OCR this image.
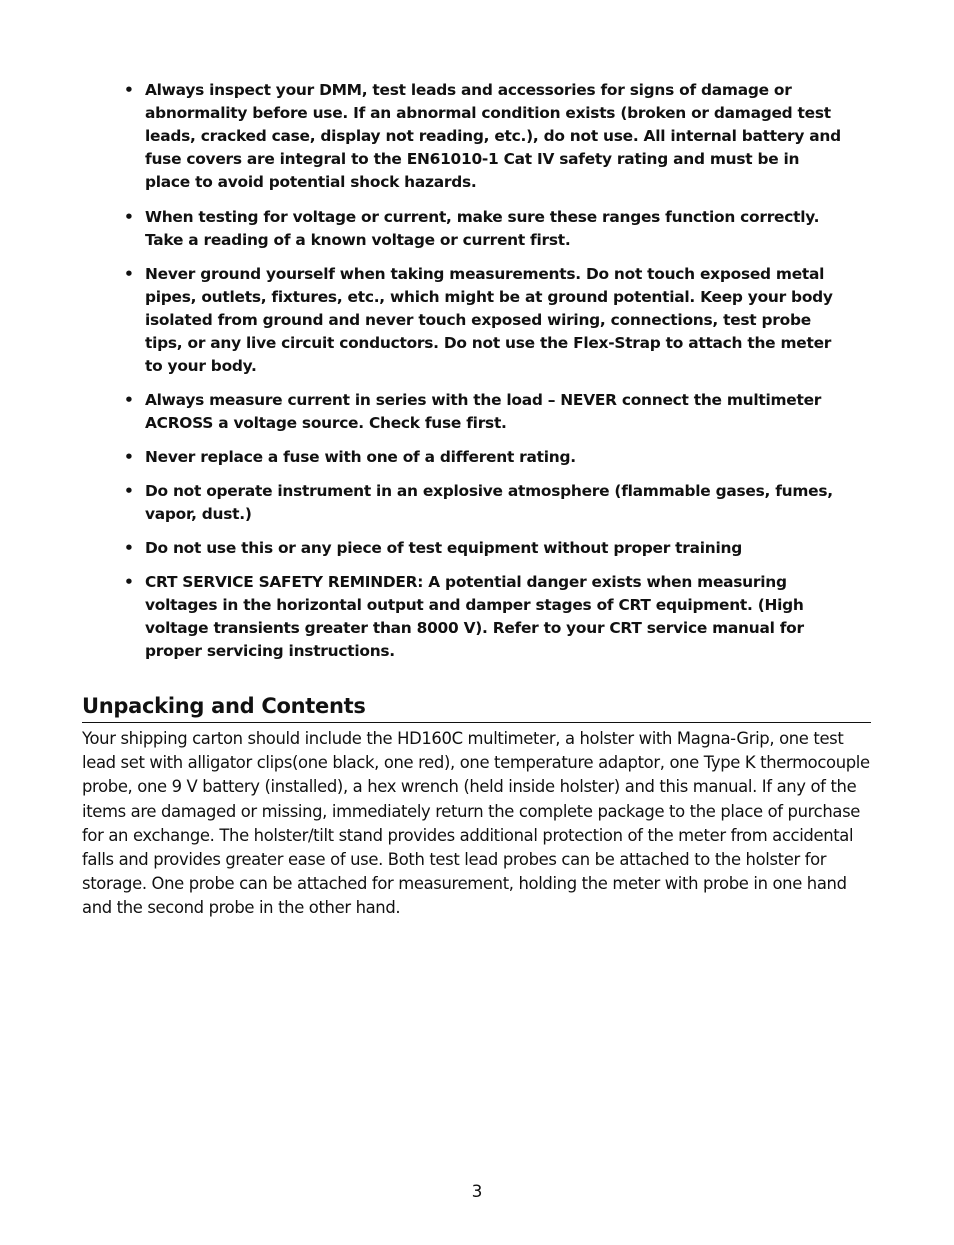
• Always inspect your DMM, test leads and accessories for signs of damage or abnormality before use. If an abnormal condition exists (broken or damaged test leads, cracked case, display not reading, etc.), do not use. All internal battery and fuse covers are integral to the EN61010-1 Cat IV safety rating and must be in place to avoid potential shock hazards.
• When testing for voltage or current, make sure these ranges function correctly. Take a reading of a known voltage or current first.
• Never ground yourself when taking measurements. Do not touch exposed metal pipes, outlets, fixtures, etc., which might be at ground potential. Keep your body isolated from ground and never touch exposed wiring, connections, test probe tips, or any live circuit conductors. Do not use the Flex-Strap to attach the meter to your body.
• Always measure current in series with the load – NEVER connect the multimeter ACROSS a voltage source. Check fuse first.
• Never replace a fuse with one of a different rating.
• Do not operate instrument in an explosive atmosphere (flammable gases, fumes, vapor, dust.)
• Do not use this or any piece of test equipment without proper training
• CRT SERVICE SAFETY REMINDER: A potential danger exists when measuring voltages in the horizontal output and damper stages of CRT equipment. (High voltage transients greater than 8000 V). Refer to your CRT service manual for proper servicing instructions.
Unpacking and Contents

Your shipping carton should include the HD160C multimeter, a holster with Magna-Grip, one test lead set with alligator clips(one black, one red), one temperature adaptor, one Type K thermocouple probe, one 9 V battery (installed), a hex wrench (held inside holster) and this manual. If any of the items are damaged or missing, immediately return the complete package to the place of purchase for an exchange. The holster/tilt stand provides additional protection of the meter from accidental falls and provides greater ease of use. Both test lead probes can be attached to the holster for storage. One probe can be attached for measurement, holding the meter with probe in one hand and the second probe in the other hand.

3
